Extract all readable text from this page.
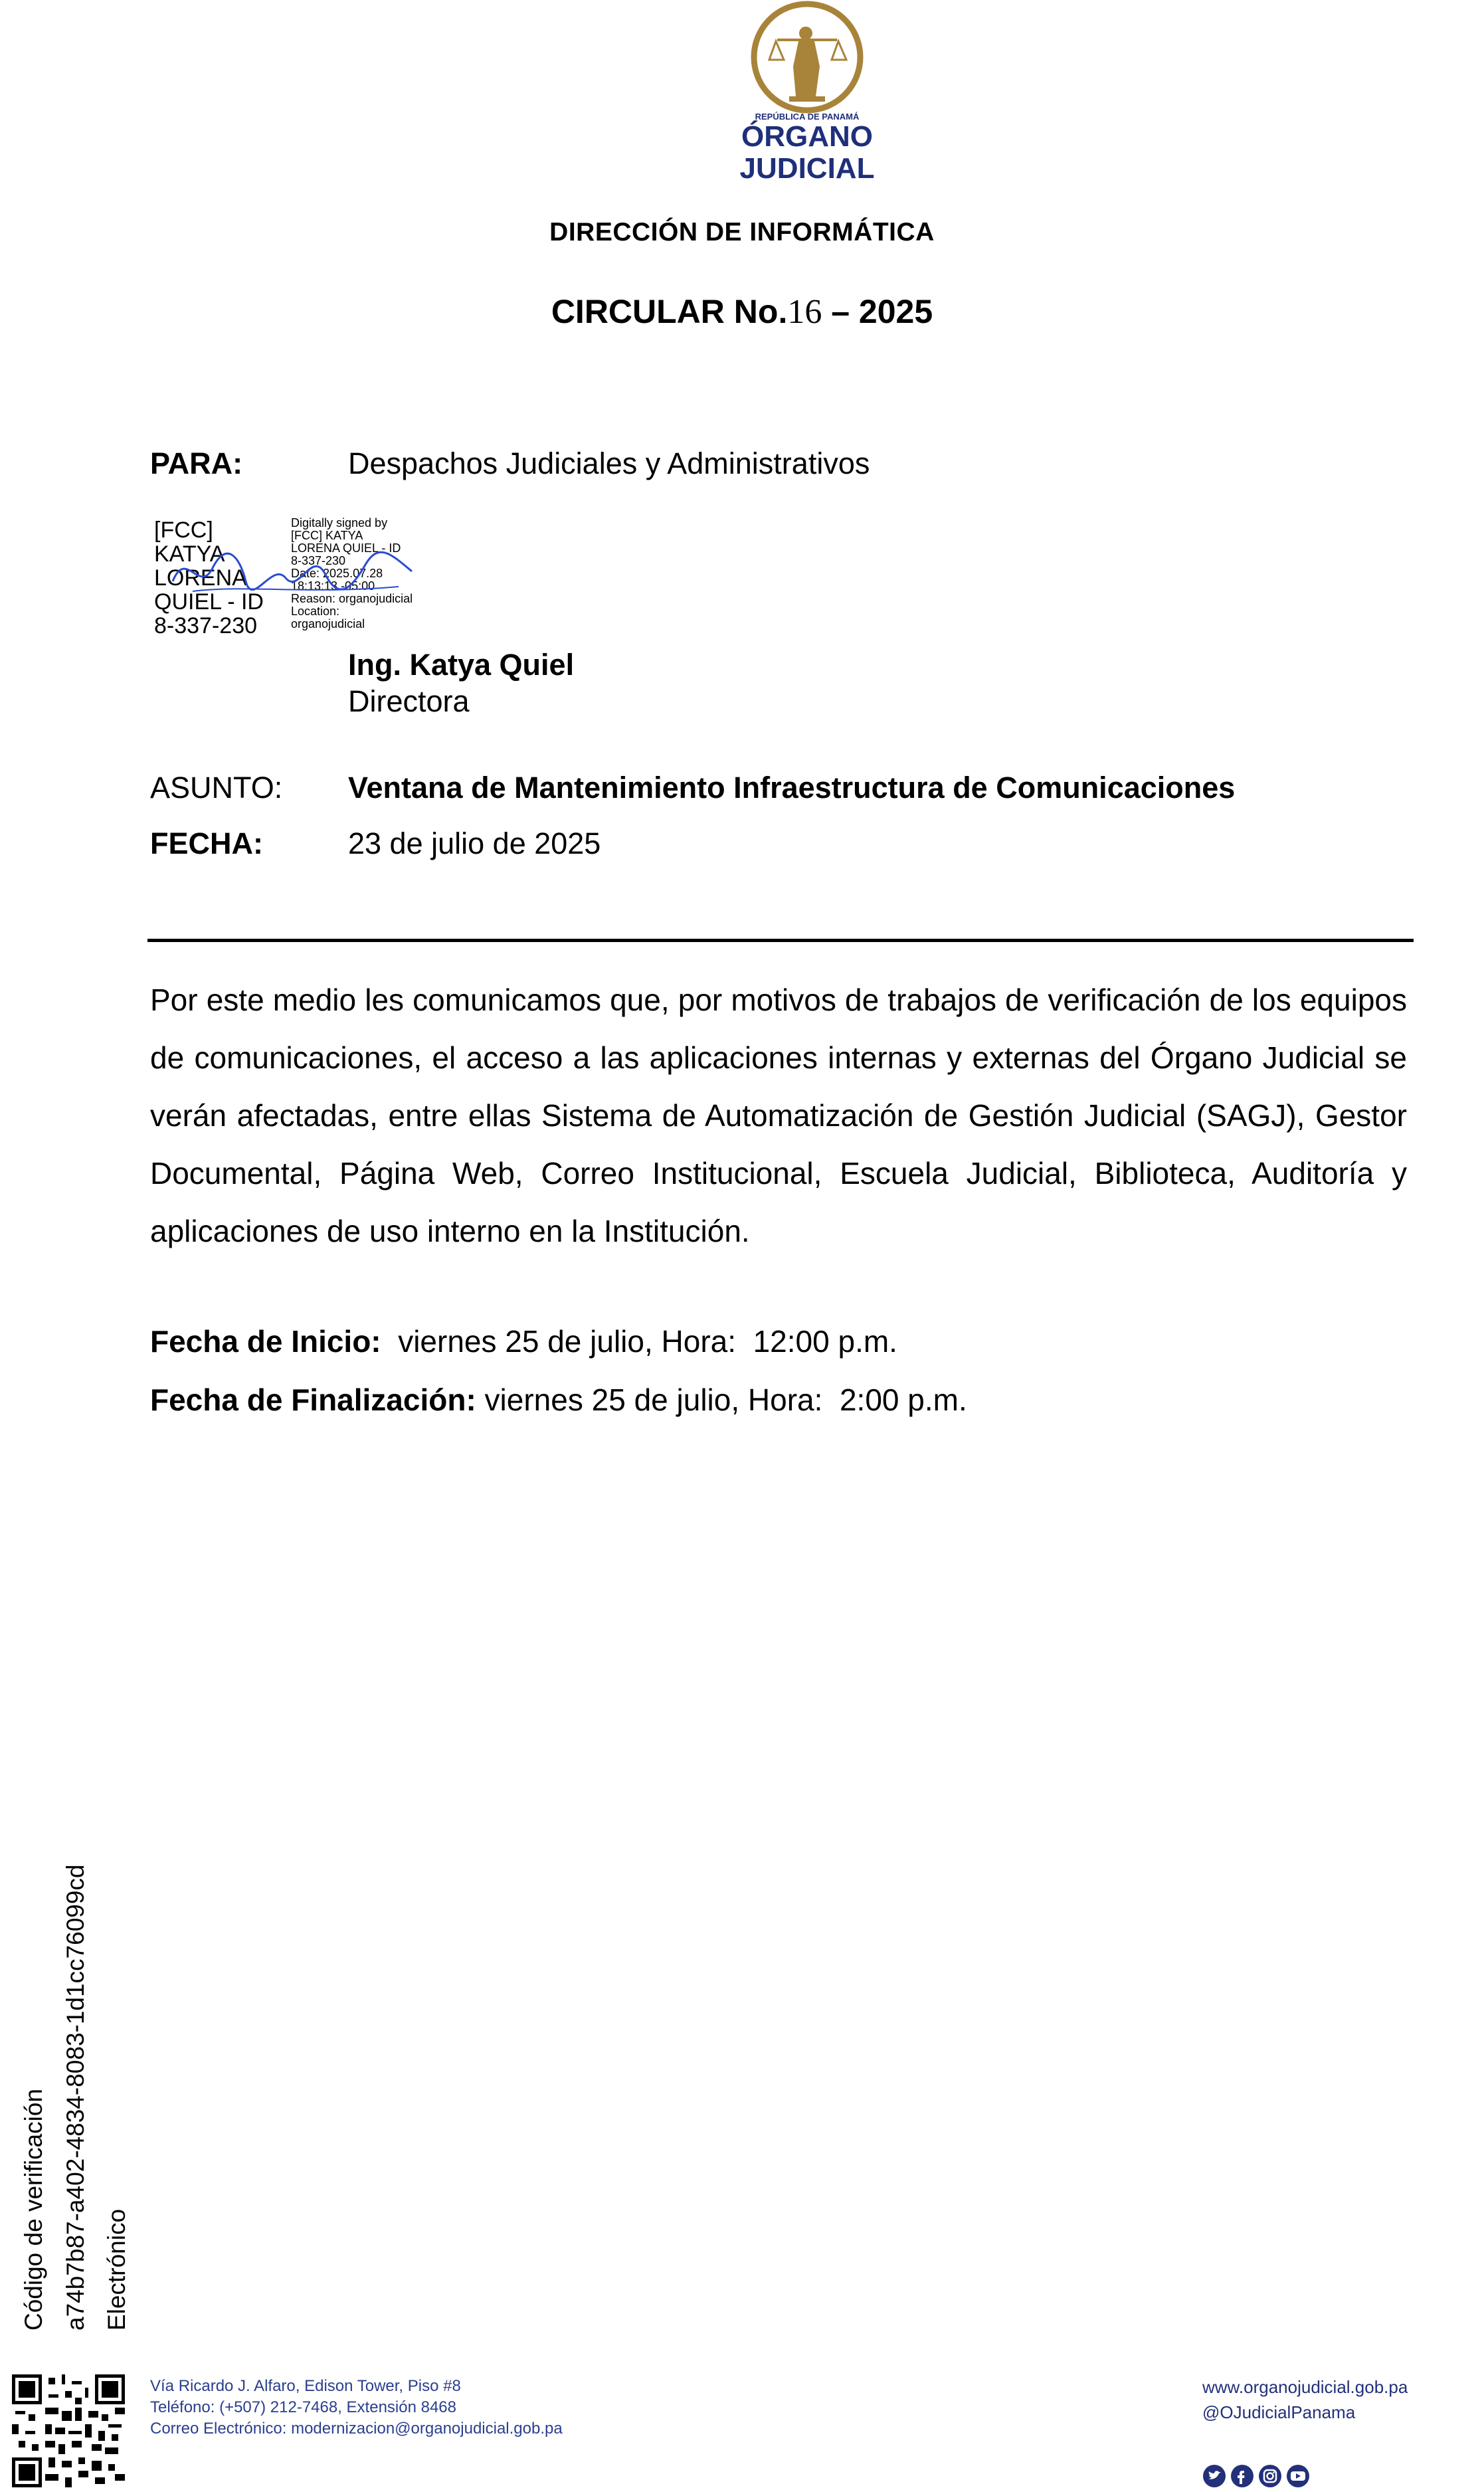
REPÚBLICA DE PANAMÁ
ÓRGANO
JUDICIAL
DIRECCIÓN DE INFORMÁTICA
CIRCULAR No.16 – 2025
PARA:	Despachos Judiciales y Administrativos
[FCC]
KATYA
LORENA
QUIEL - ID
8-337-230
Digitally signed by
[FCC] KATYA
LORENA QUIEL - ID
8-337-230
Date: 2025.07.28
18:13:13 -05:00
Reason: organojudicial
Location:
organojudicial
Ing. Katya Quiel
Directora
ASUNTO: Ventana de Mantenimiento Infraestructura de Comunicaciones
FECHA:	23 de julio de 2025
Por este medio les comunicamos que, por motivos de trabajos de verificación de los equipos de comunicaciones, el acceso a las aplicaciones internas y externas del Órgano Judicial se verán afectadas, entre ellas Sistema de Automatización de Gestión Judicial (SAGJ), Gestor Documental, Página Web, Correo Institucional, Escuela Judicial, Biblioteca, Auditoría y aplicaciones de uso interno en la Institución.
Fecha de Inicio:  viernes 25 de julio, Hora:  12:00 p.m.
Fecha de Finalización: viernes 25 de julio, Hora:  2:00 p.m.
Código de verificación a74b7b87-a402-4834-8083-1d1cc76099cd Electrónico
Vía Ricardo J. Alfaro, Edison Tower, Piso #8
Teléfono: (+507) 212-7468, Extensión 8468
Correo Electrónico: modernizacion@organojudicial.gob.pa
www.organojudicial.gob.pa
@OJudicialPanama
